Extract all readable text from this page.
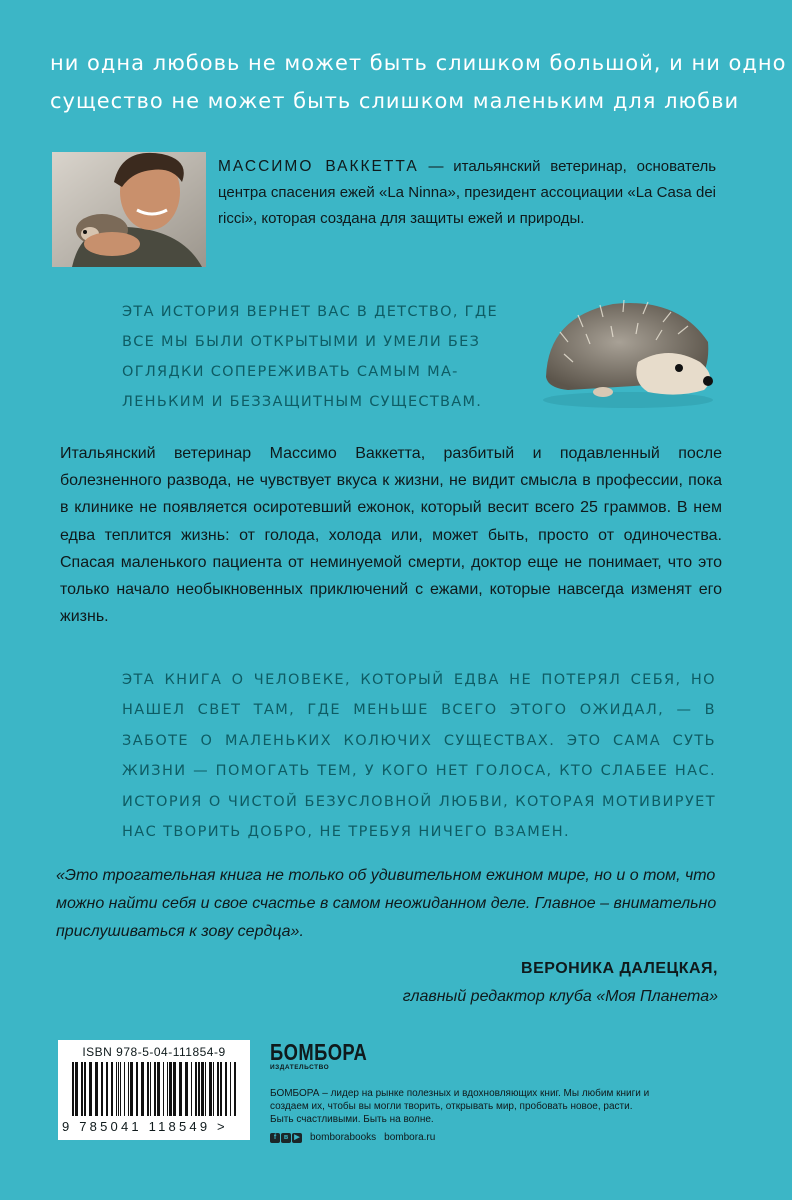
ни одна любовь не может быть слишком большой, и ни одно
существо не может быть слишком маленьким для любви
МАССИМО ВАККЕТТА — итальянский ветеринар, основатель центра спасения ежей «La Ninna», президент ассоциации «La Casa dei ricci», которая создана для защиты ежей и природы.
ЭТА ИСТОРИЯ ВЕРНЕТ ВАС В ДЕТСТВО, ГДЕ
ВСЕ МЫ БЫЛИ ОТКРЫТЫМИ И УМЕЛИ БЕЗ
ОГЛЯДКИ СОПЕРЕЖИВАТЬ САМЫМ МА-
ЛЕНЬКИМ И БЕЗЗАЩИТНЫМ СУЩЕСТВАМ.
Итальянский ветеринар Массимо Ваккетта, разбитый и подавленный после болезненного развода, не чувствует вкуса к жизни, не видит смысла в профессии, пока в клинике не появляется осиротевший ежонок, который весит всего 25 граммов. В нем едва теплится жизнь: от голода, холода или, может быть, просто от одиночества. Спасая маленького пациента от неминуемой смерти, доктор еще не понимает, что это только начало необыкновенных приключений с ежами, которые навсегда изменят его жизнь.
ЭТА КНИГА О ЧЕЛОВЕКЕ, КОТОРЫЙ ЕДВА НЕ ПОТЕРЯЛ СЕБЯ, НО НАШЕЛ СВЕТ ТАМ, ГДЕ МЕНЬШЕ ВСЕГО ЭТОГО ОЖИДАЛ, — В ЗАБОТЕ О МАЛЕНЬКИХ КОЛЮЧИХ СУЩЕСТВАХ. ЭТО САМА СУТЬ ЖИЗНИ — ПОМОГАТЬ ТЕМ, У КОГО НЕТ ГОЛОСА, КТО СЛАБЕЕ НАС. ИСТОРИЯ О ЧИСТОЙ БЕЗУСЛОВНОЙ ЛЮБВИ, КОТОРАЯ МОТИВИРУЕТ НАС ТВОРИТЬ ДОБРО, НЕ ТРЕБУЯ НИЧЕГО ВЗАМЕН.
«Это трогательная книга не только об удивительном ежином мире, но и о том, что можно найти себя и свое счастье в самом неожиданном деле. Главное – внимательно прислушиваться к зову сердца».
ВЕРОНИКА ДАЛЕЦКАЯ,
главный редактор клуба «Моя Планета»
ISBN 978-5-04-111854-9
9 785041 118549 >
БОМБОРА
ИЗДАТЕЛЬСТВО
БОМБОРА – лидер на рынке полезных и вдохновляющих книг. Мы любим книги и создаем их, чтобы вы могли творить, открывать мир, пробовать новое, расти. Быть счастливыми. Быть на волне.
f	в ▶ bomborabooks bombora.ru
